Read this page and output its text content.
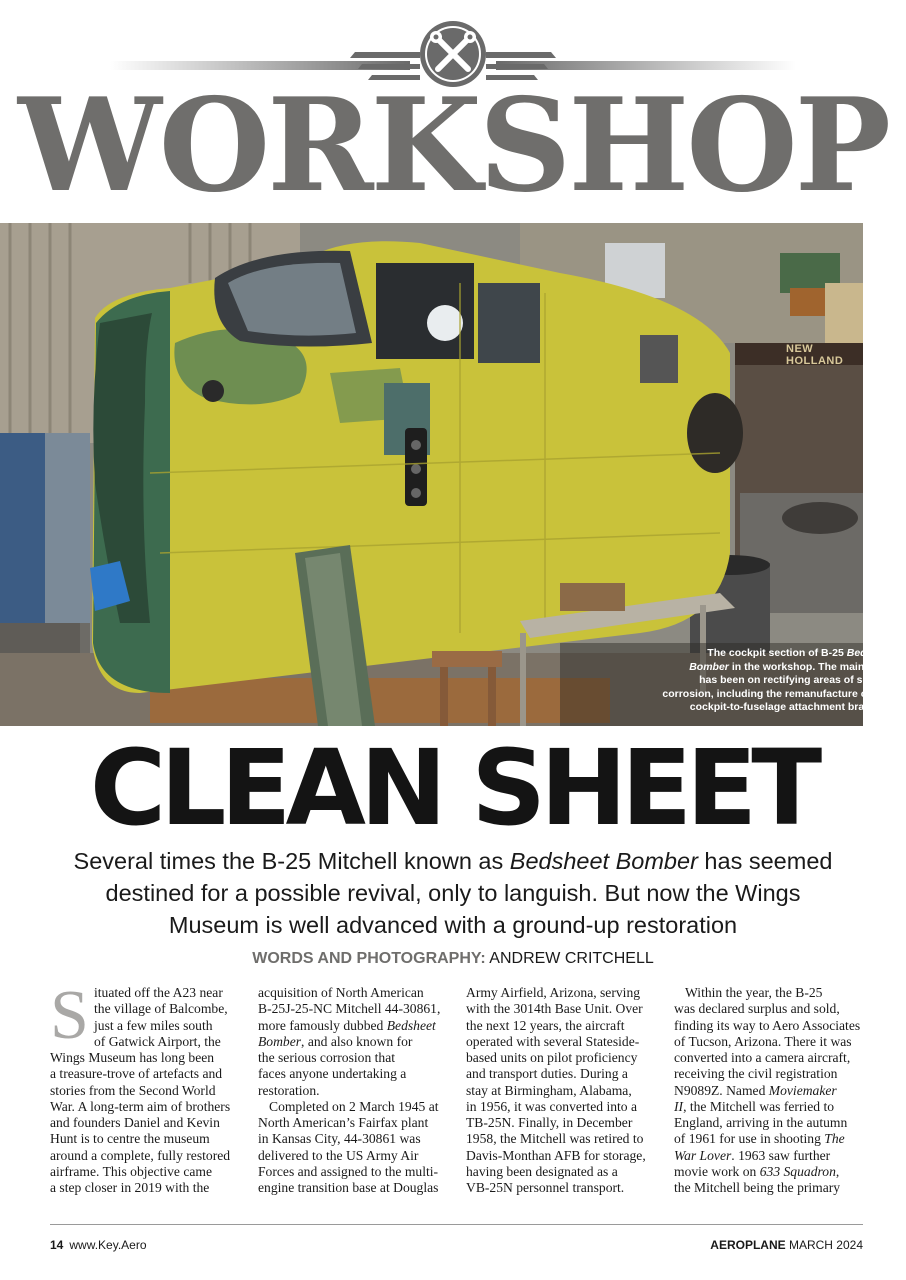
WORKSHOP
The cockpit section of B-25 Bedsheet
Bomber in the workshop. The main effort
has been on rectifying areas of serious
corrosion, including the remanufacture of new
cockpit-to-fuselage attachment brackets.
NEW HOLLAND
CLEAN SHEET
Several times the B-25 Mitchell known as Bedsheet Bomber has seemed
destined for a possible revival, only to languish. But now the Wings
Museum is well advanced with a ground-up restoration
WORDS AND PHOTOGRAPHY: ANDREW CRITCHELL
S ituated off the A23 near
the village of Balcombe,
just a few miles south
of Gatwick Airport, the
Wings Museum has long been
a treasure-trove of artefacts and
stories from the Second World
War. A long-term aim of brothers
and founders Daniel and Kevin
Hunt is to centre the museum
around a complete, fully restored
airframe. This objective came
a step closer in 2019 with the
acquisition of North American
B-25J-25-NC Mitchell 44-30861,
more famously dubbed Bedsheet
Bomber, and also known for
the serious corrosion that
faces anyone undertaking a
restoration.
Completed on 2 March 1945 at
North American’s Fairfax plant
in Kansas City, 44-30861 was
delivered to the US Army Air
Forces and assigned to the multi-
engine transition base at Douglas
Army Airfield, Arizona, serving
with the 3014th Base Unit. Over
the next 12 years, the aircraft
operated with several Stateside-
based units on pilot proficiency
and transport duties. During a
stay at Birmingham, Alabama,
in 1956, it was converted into a
TB-25N. Finally, in December
1958, the Mitchell was retired to
Davis-Monthan AFB for storage,
having been designated as a
VB-25N personnel transport.
Within the year, the B-25
was declared surplus and sold,
finding its way to Aero Associates
of Tucson, Arizona. There it was
converted into a camera aircraft,
receiving the civil registration
N9089Z. Named Moviemaker
II, the Mitchell was ferried to
England, arriving in the autumn
of 1961 for use in shooting The
War Lover. 1963 saw further
movie work on 633 Squadron,
the Mitchell being the primary
14 www.Key.Aero	AEROPLANE MARCH 2024
